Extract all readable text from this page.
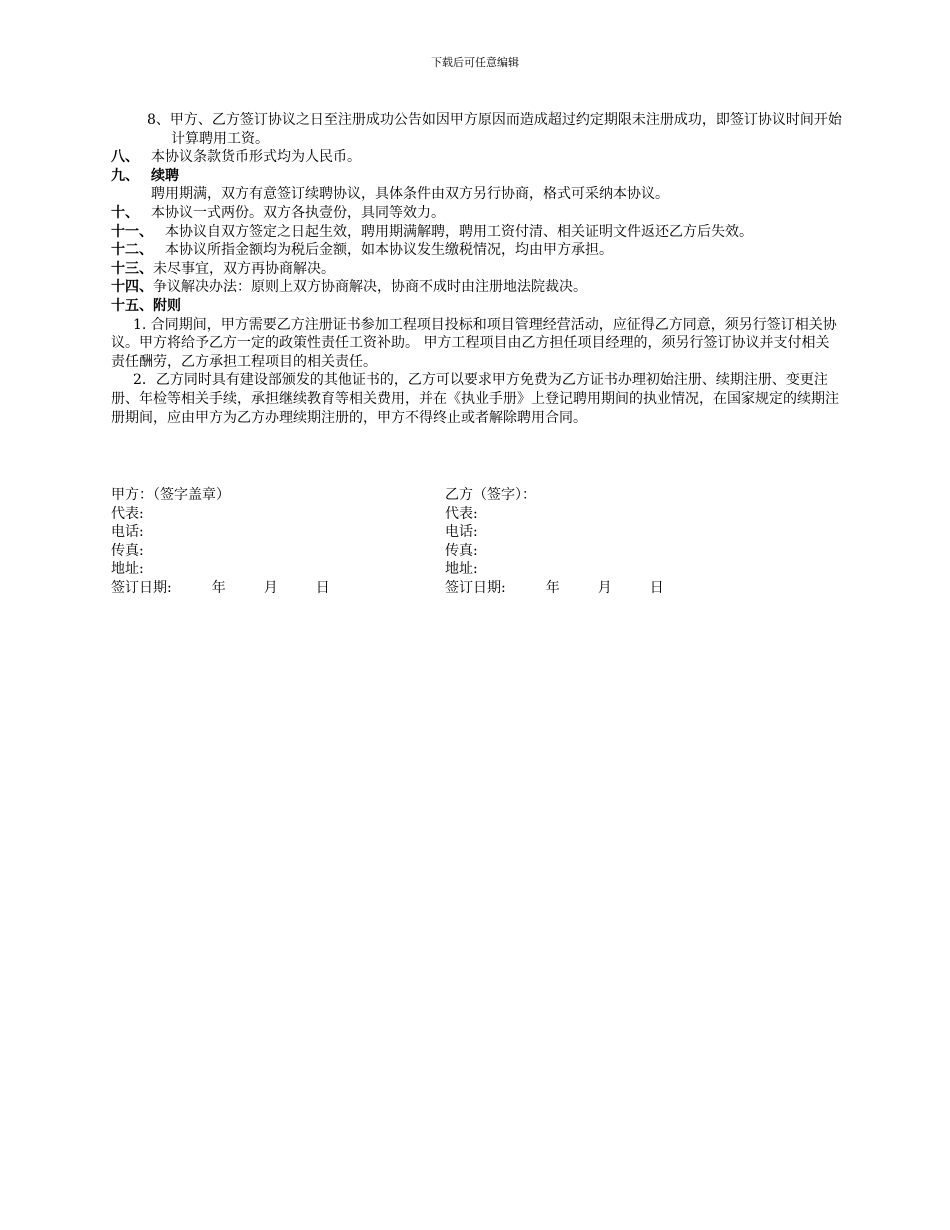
下载后可任意编辑

8、甲方、乙方签订协议之日至注册成功公告如因甲方原因而造成超过约定期限未注册成功，即签订协议时间开始计算聘用工资。

八、 本协议条款货币形式均为人民币。

九、 续聘

聘用期满，双方有意签订续聘协议，具体条件由双方另行协商，格式可采纳本协议。

十、 本协议一式两份。双方各执壹份，具同等效力。

十一、 本协议自双方签定之日起生效，聘用期满解聘，聘用工资付清、相关证明文件返还乙方后失效。

十二、 本协议所指金额均为税后金额，如本协议发生缴税情况，均由甲方承担。

十三、未尽事宜，双方再协商解决。

十四、争议解决办法：原则上双方协商解决，协商不成时由注册地法院裁决。

十五、附则

1. 合同期间，甲方需要乙方注册证书参加工程项目投标和项目管理经营活动，应征得乙方同意，须另行签订相关协议。甲方将给予乙方一定的政策性责任工资补助。 甲方工程项目由乙方担任项目经理的，须另行签订协议并支付相关责任酬劳，乙方承担工程项目的相关责任。

2．乙方同时具有建设部颁发的其他证书的，乙方可以要求甲方免费为乙方证书办理初始注册、续期注册、变更注册、年检等相关手续，承担继续教育等相关费用，并在《执业手册》上登记聘用期间的执业情况，在国家规定的续期注册期间，应由甲方为乙方办理续期注册的，甲方不得终止或者解除聘用合同。

甲方：（签字盖章）	乙方（签字）：
代表:	代表:
电话:	电话:
传真:	传真:
地址:	地址:
签订日期:	年	月	日	签订日期:	年	月	日
